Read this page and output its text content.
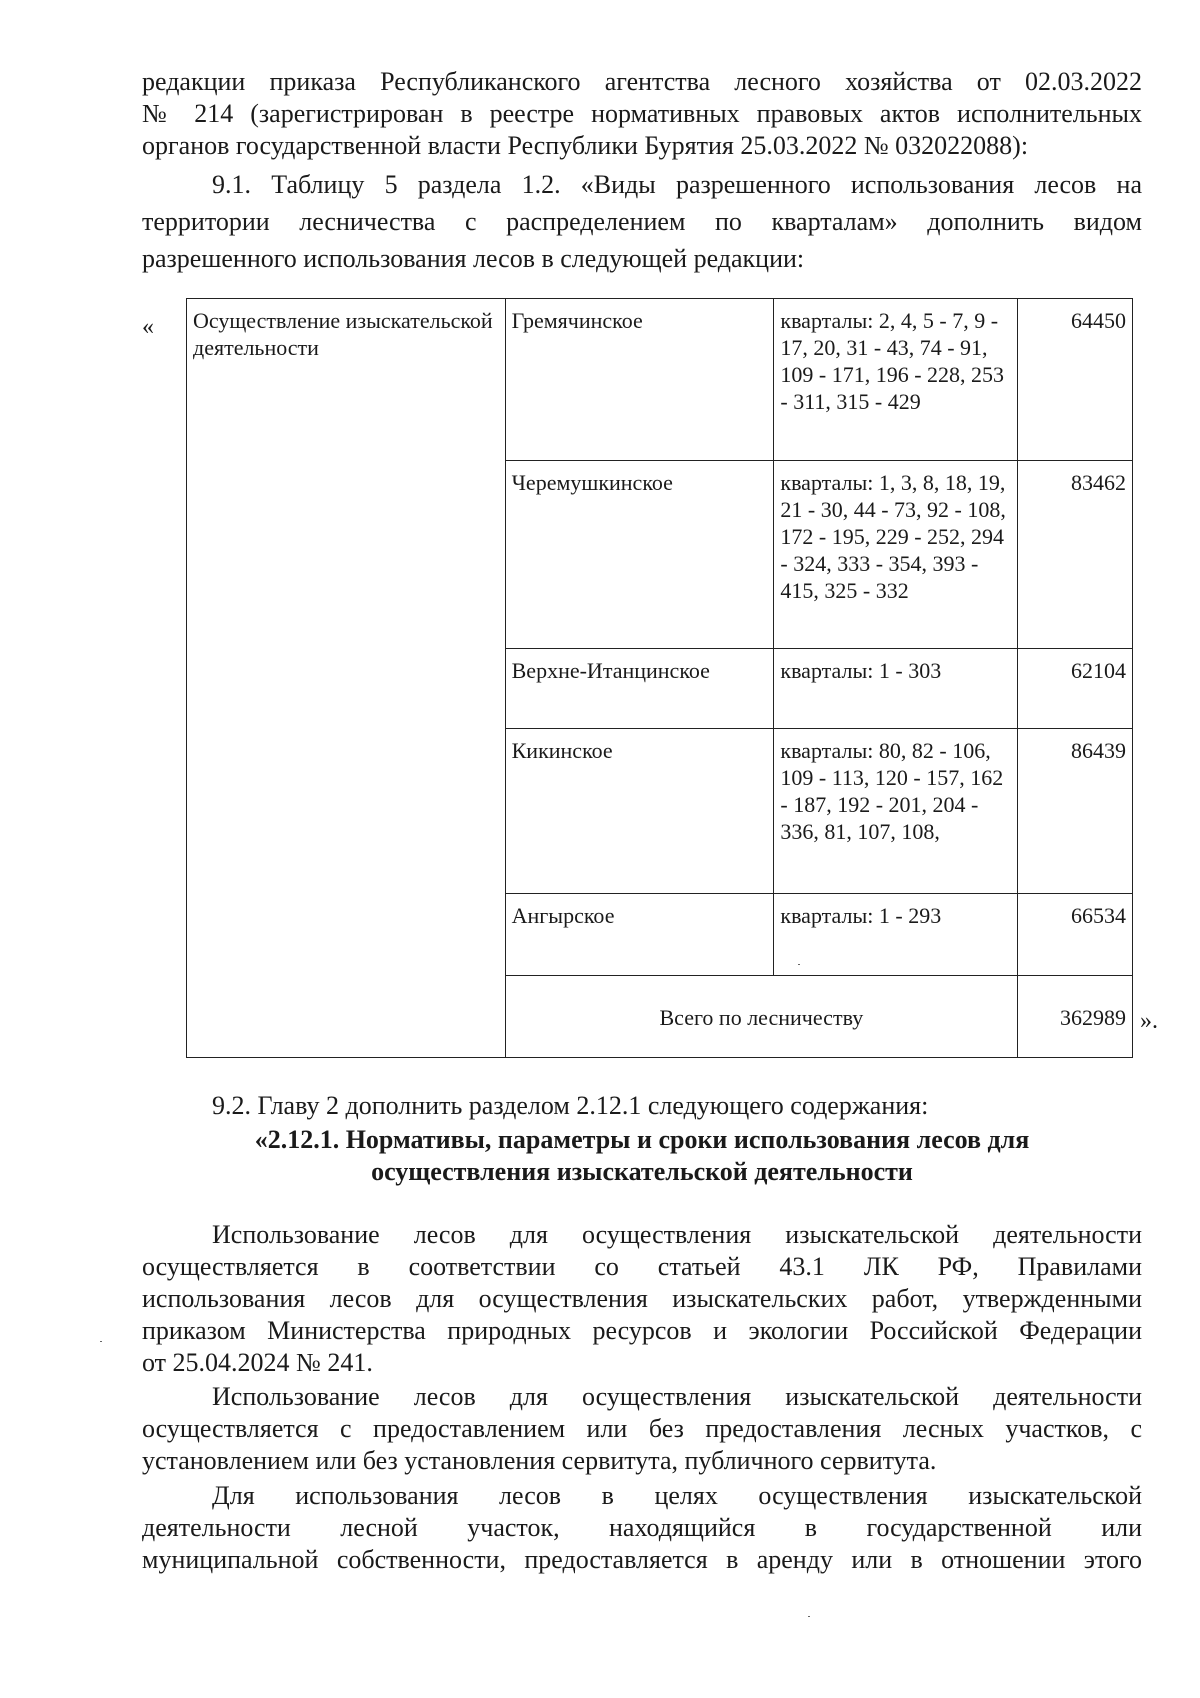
редакции приказа Республиканского агентства лесного хозяйства от 02.03.2022
№ 214 (зарегистрирован в реестре нормативных правовых актов исполнительных
органов государственной власти Республики Бурятия 25.03.2022 № 032022088):
9.1. Таблицу 5 раздела 1.2. «Виды разрешенного использования лесов на
территории лесничества с распределением по кварталам» дополнить видом
разрешенного использования лесов в следующей редакции:
«
».
Осуществление изыскательской деятельности	Гремячинское	кварталы: 2, 4, 5 - 7, 9 - 17, 20, 31 - 43, 74 - 91, 109 - 171, 196 - 228, 253 - 311, 315 - 429	64450
	Черемушкинское	кварталы: 1, 3, 8, 18, 19, 21 - 30, 44 - 73, 92 - 108, 172 - 195, 229 - 252, 294 - 324, 333 - 354, 393 - 415, 325 - 332	83462
	Верхне-Итанцинское	кварталы: 1 - 303	62104
	Кикинское	кварталы: 80, 82 - 106, 109 - 113, 120 - 157, 162 - 187, 192 - 201, 204 - 336, 81, 107, 108,	86439
	Ангырское	кварталы: 1 - 293	66534
	Всего по лесничеству		362989
9.2. Главу 2 дополнить разделом 2.12.1 следующего содержания:
«2.12.1. Нормативы, параметры и сроки использования лесов для
осуществления изыскательской деятельности
Использование лесов для осуществления изыскательской деятельности
осуществляется в соответствии со статьей 43.1 ЛК РФ, Правилами
использования лесов для осуществления изыскательских работ, утвержденными
приказом Министерства природных ресурсов и экологии Российской Федерации
от 25.04.2024 № 241.
Использование лесов для осуществления изыскательской деятельности
осуществляется с предоставлением или без предоставления лесных участков, с
установлением или без установления сервитута, публичного сервитута.
Для использования лесов в целях осуществления изыскательской
деятельности лесной участок, находящийся в государственной или
муниципальной собственности, предоставляется в аренду или в отношении этого
